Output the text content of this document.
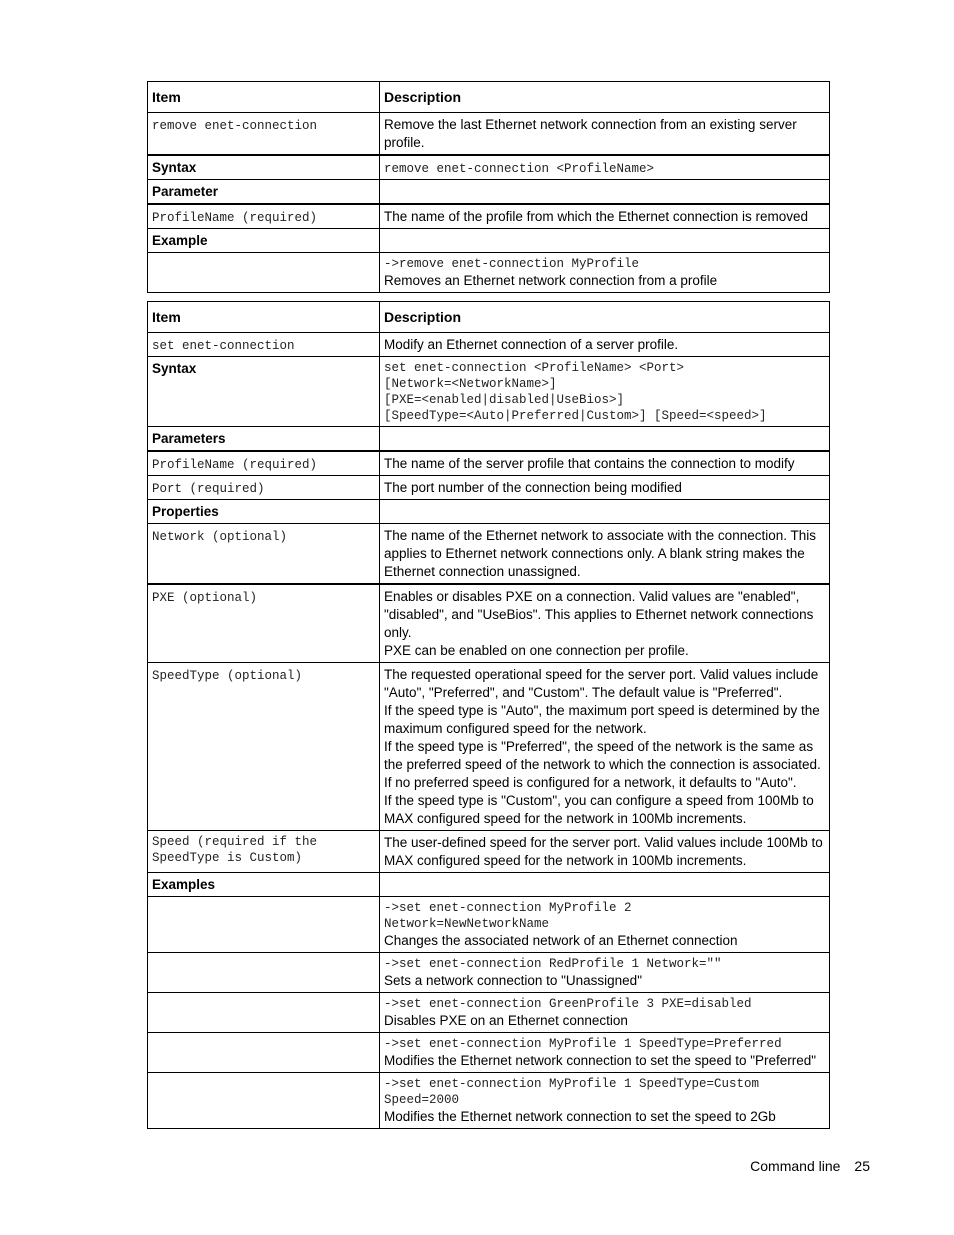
Item	Description
remove enet-connection	Remove the last Ethernet network connection from an existing server profile.
Syntax	remove enet-connection <ProfileName>
Parameter	
ProfileName (required)	The name of the profile from which the Ethernet connection is removed
Example	

	->remove enet-connection MyProfile
Removes an Ethernet network connection from a profile
Item	Description
set enet-connection	Modify an Ethernet connection of a server profile.
Syntax	set enet-connection <ProfileName> <Port>
[Network=<NetworkName>]
[PXE=<enabled|disabled|UseBios>]
[SpeedType=<Auto|Preferred|Custom>] [Speed=<speed>]

Parameters	
ProfileName (required)	The name of the server profile that contains the connection to modify
Port (required)	The port number of the connection being modified
Properties	
Network (optional)	The name of the Ethernet network to associate with the connection. This applies to Ethernet network connections only. A blank string makes the Ethernet connection unassigned.

PXE (optional)	Enables or disables PXE on a connection. Valid values are "enabled", "disabled", and "UseBios". This applies to Ethernet network connections only.
PXE can be enabled on one connection per profile.

SpeedType (optional)	The requested operational speed for the server port. Valid values include "Auto", "Preferred", and "Custom". The default value is "Preferred".
If the speed type is "Auto", the maximum port speed is determined by the maximum configured speed for the network.
If the speed type is "Preferred", the speed of the network is the same as the preferred speed of the network to which the connection is associated. If no preferred speed is configured for a network, it defaults to "Auto".
If the speed type is "Custom", you can configure a speed from 100Mb to MAX configured speed for the network in 100Mb increments.

Speed (required if the
SpeedType is Custom)	The user-defined speed for the server port. Valid values include 100Mb to MAX configured speed for the network in 100Mb increments.

Examples	

	->set enet-connection MyProfile 2
Network=NewNetworkName
Changes the associated network of an Ethernet connection

	->set enet-connection RedProfile 1 Network=""
Sets a network connection to "Unassigned"

	->set enet-connection GreenProfile 3 PXE=disabled
Disables PXE on an Ethernet connection

	->set enet-connection MyProfile 1 SpeedType=Preferred
Modifies the Ethernet network connection to set the speed to "Preferred"

	->set enet-connection MyProfile 1 SpeedType=Custom
Speed=2000
Modifies the Ethernet network connection to set the speed to 2Gb
Command line 25
